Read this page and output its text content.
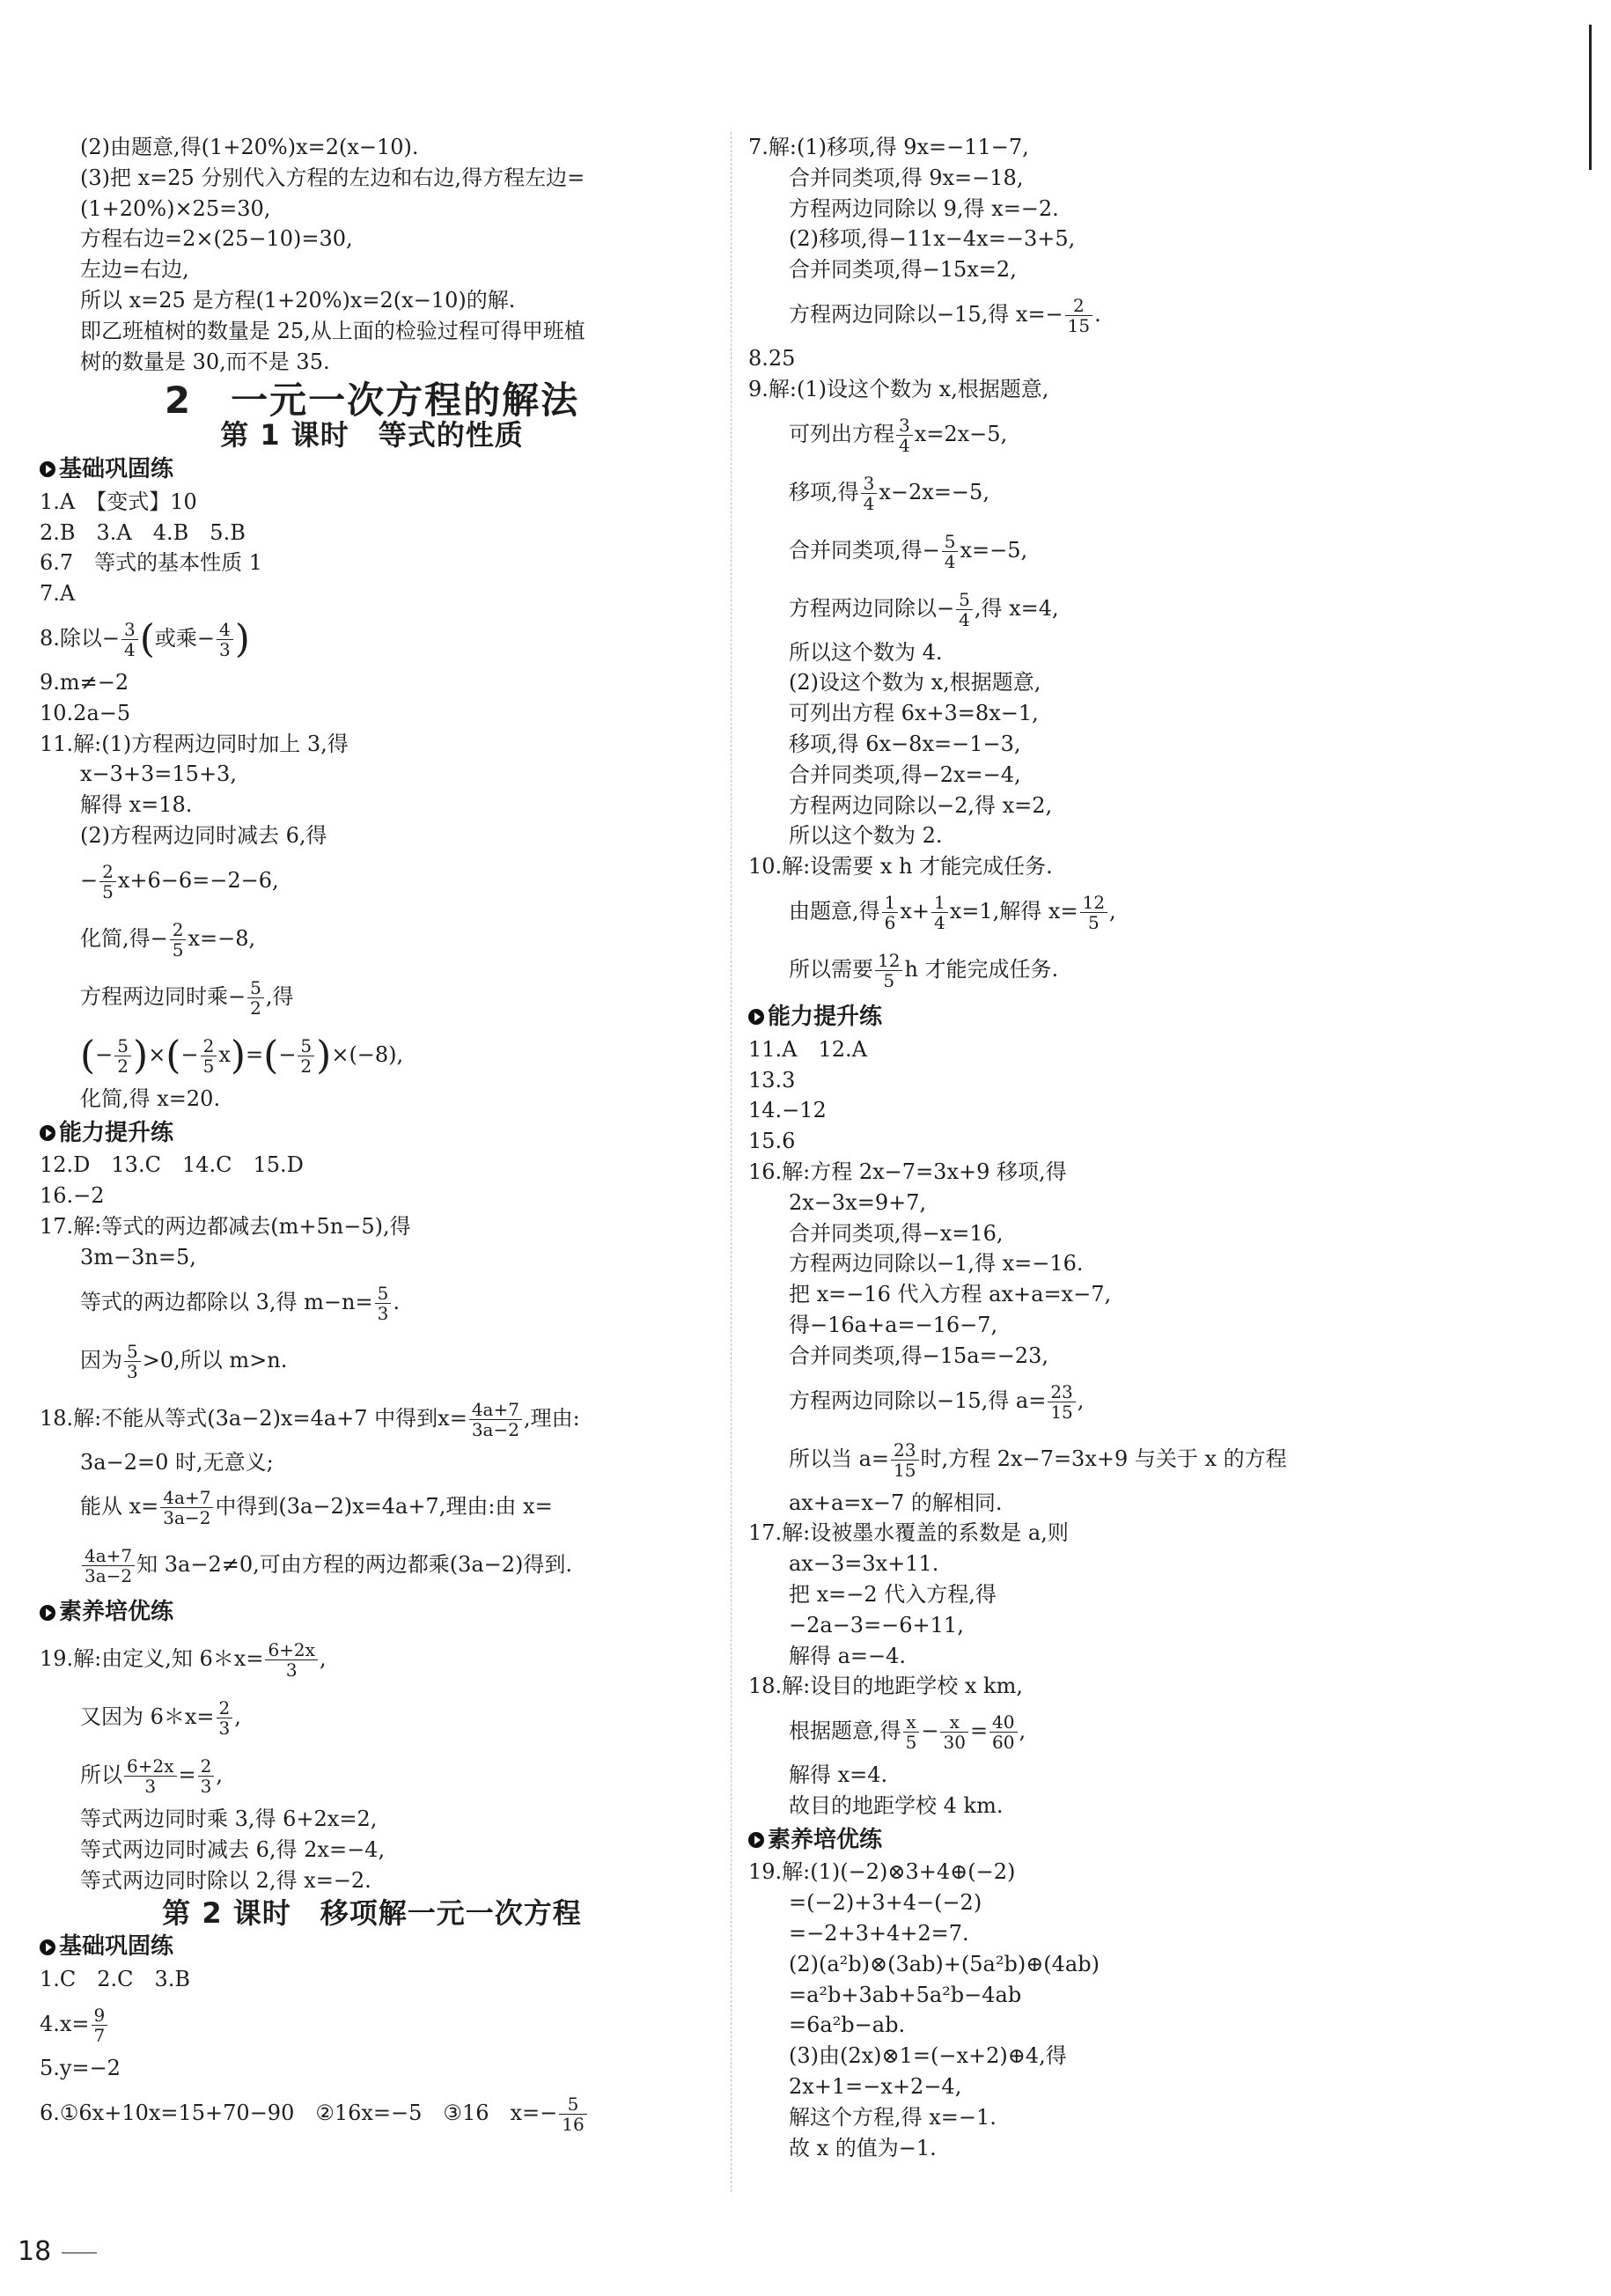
(2)由题意,得(1+20%)x=2(x−10).
(3)把 x=25 分别代入方程的左边和右边,得方程左边=
(1+20%)×25=30,
方程右边=2×(25−10)=30,
左边=右边,
所以 x=25 是方程(1+20%)x=2(x−10)的解.
即乙班植树的数量是 25,从上面的检验过程可得甲班植
树的数量是 30,而不是 35.
2　一元一次方程的解法
第 1 课时　等式的性质
基础巩固练
1.A　【变式】10
2.B　3.A　4.B　5.B
6.7　等式的基本性质 1
7.A
8.除以− $\frac{3}{4}$ (或乘− $\frac{4}{3}$ )
9.m≠−2
10.2a−5
11.解:(1)方程两边同时加上 3,得
x−3+3=15+3,
解得 x=18.
(2)方程两边同时减去 6,得
− $\frac{2}{5} x+6-6=-2-6$,
化简,得− $\frac{2}{5} x=-8$,
方程两边同时乘− $\frac{5}{2}$ ,得
(− $\frac{5}{2}$ )×(− $\frac{2}{5} x)=(- \frac{5}{2} )\times(-8)$,
化简,得 x=20.
能力提升练
12.D　13.C　14.C　15.D
16.−2
17.解:等式的两边都减去(m+5n−5),得
3m−3n=5,
等式的两边都除以 3,得 $m-n= \frac{5}{3}$ .
因为 $\frac{5}{3} >0$,所以 m>n.
18.解:不能从等式(3a−2)x=4a+7 中得到$x= \frac{4a+7}{3a-2}$ ,理由:
3a−2=0 时,无意义;
能从 $x= \frac{4a+7}{3a-2}$ 中得到(3a−2)x=4a+7,理由:由 x=
$\frac{4a+7}{3a-2}$ 知 3a−2≠0,可由方程的两边都乘(3a−2)得到.
素养培优练
19.解:由定义,知 6＊x= $\frac{6+2x}{3}$ ,
又因为 6＊x= $\frac{2}{3}$ ,
所以 $\frac{6+2x}{3} = \frac{2}{3}$ ,
等式两边同时乘 3,得 6+2x=2,
等式两边同时减去 6,得 2x=−4,
等式两边同时除以 2,得 x=−2.
第 2 课时　移项解一元一次方程
基础巩固练
1.C　2.C　3.B
$4.x= \frac{9}{7}$
5.y=−2
6.①6x+10x=15+70−90　②16x=−5　③16　$x=- \frac{5}{16}$
7.解:(1)移项,得 9x=−11−7,
合并同类项,得 9x=−18,
方程两边同除以 9,得 x=−2.
(2)移项,得−11x−4x=−3+5,
合并同类项,得−15x=2,
方程两边同除以−15,得 $x=- \frac{2}{15}$ .
8.25
9.解:(1)设这个数为 x,根据题意,
可列出方程 $\frac{3}{4} x=2x-5$,
移项,得 $\frac{3}{4} x-2x=-5$,
合并同类项,得− $\frac{5}{4} x=-5$,
方程两边同除以− $\frac{5}{4}$ ,得 x=4,
所以这个数为 4.
(2)设这个数为 x,根据题意,
可列出方程 6x+3=8x−1,
移项,得 6x−8x=−1−3,
合并同类项,得−2x=−4,
方程两边同除以−2,得 x=2,
所以这个数为 2.
10.解:设需要 x h 才能完成任务.
由题意,得 $\frac{1}{6} x+ \frac{1}{4} x=1$,解得 $x= \frac{12}{5}$ ,
所以需要 $\frac{12}{5}$ h 才能完成任务.
能力提升练
11.A　12.A
13.3
14.−12
15.6
16.解:方程 2x−7=3x+9 移项,得
2x−3x=9+7,
合并同类项,得−x=16,
方程两边同除以−1,得 x=−16.
把 x=−16 代入方程 ax+a=x−7,
得−16a+a=−16−7,
合并同类项,得−15a=−23,
方程两边同除以−15,得 $a= \frac{23}{15}$ ,
所以当 $a= \frac{23}{15}$ 时,方程 2x−7=3x+9 与关于 x 的方程
ax+a=x−7 的解相同.
17.解:设被墨水覆盖的系数是 a,则
ax−3=3x+11.
把 x=−2 代入方程,得
−2a−3=−6+11,
解得 a=−4.
18.解:设目的地距学校 x km,
根据题意,得 $\frac{x}{5} - \frac{x}{30} = \frac{40}{60}$ ,
解得 x=4.
故目的地距学校 4 km.
素养培优练
19.解:(1)(−2)⊗3+4⊕(−2)
=(−2)+3+4−(−2)
=−2+3+4+2=7.
(2)(a²b)⊗(3ab)+(5a²b)⊕(4ab)
=a²b+3ab+5a²b−4ab
=6a²b−ab.
(3)由(2x)⊗1=(−x+2)⊕4,得
2x+1=−x+2−4,
解这个方程,得 x=−1.
故 x 的值为−1.
18
